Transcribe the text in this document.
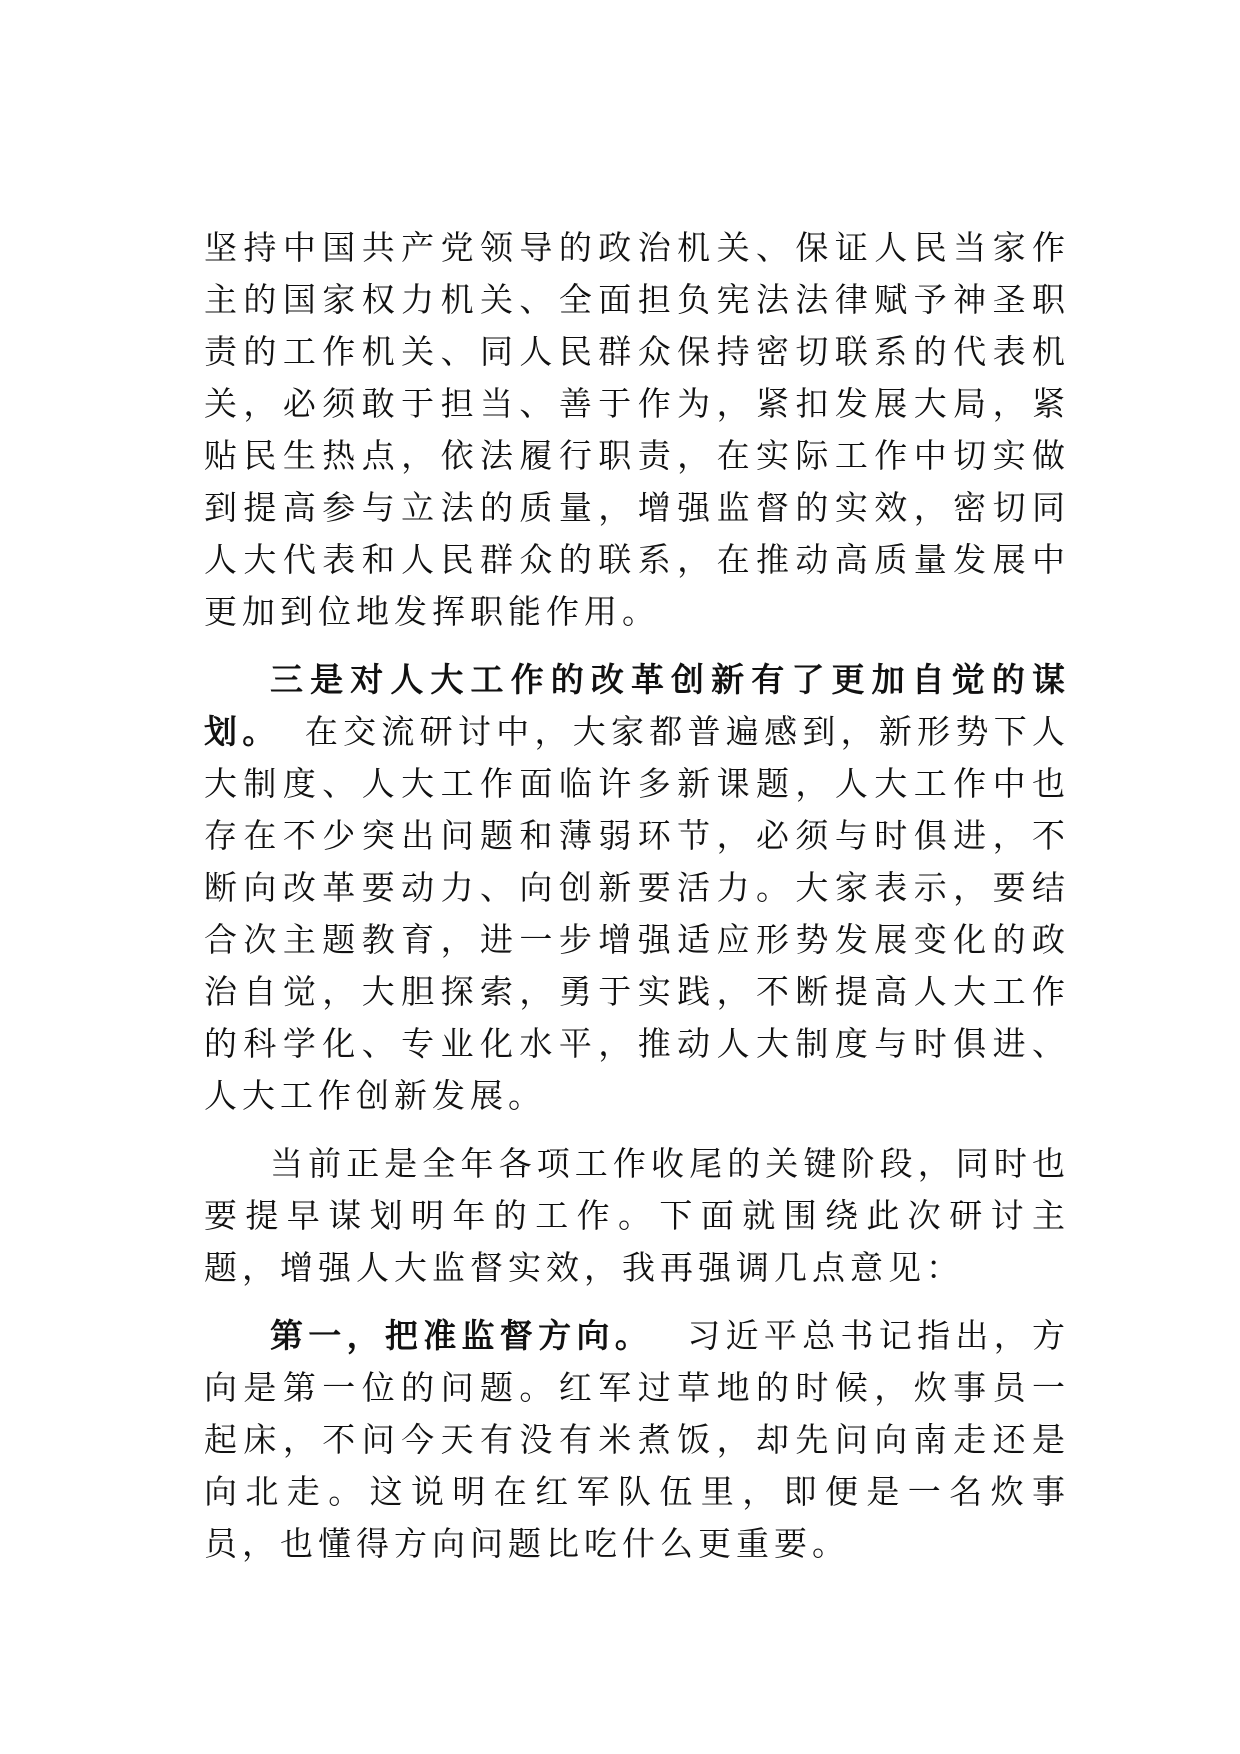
坚持中国共产党领导的政治机关、保证人民当家作主的国家权力机关、全面担负宪法法律赋予神圣职责的工作机关、同人民群众保持密切联系的代表机关，必须敢于担当、善于作为，紧扣发展大局，紧贴民生热点，依法履行职责，在实际工作中切实做到提高参与立法的质量，增强监督的实效，密切同人大代表和人民群众的联系，在推动高质量发展中更加到位地发挥职能作用。

三是对人大工作的改革创新有了更加自觉的谋划。 在交流研讨中，大家都普遍感到，新形势下人大制度、人大工作面临许多新课题，人大工作中也存在不少突出问题和薄弱环节，必须与时俱进，不断向改革要动力、向创新要活力。大家表示，要结合次主题教育，进一步增强适应形势发展变化的政治自觉，大胆探索，勇于实践，不断提高人大工作的科学化、专业化水平，推动人大制度与时俱进、人大工作创新发展。

当前正是全年各项工作收尾的关键阶段，同时也要提早谋划明年的工作。下面就围绕此次研讨主题，增强人大监督实效，我再强调几点意见：

第一，把准监督方向。 习近平总书记指出，方向是第一位的问题。红军过草地的时候，炊事员一起床，不问今天有没有米煮饭，却先问向南走还是向北走。这说明在红军队伍里，即便是一名炊事员，也懂得方向问题比吃什么更重要。
